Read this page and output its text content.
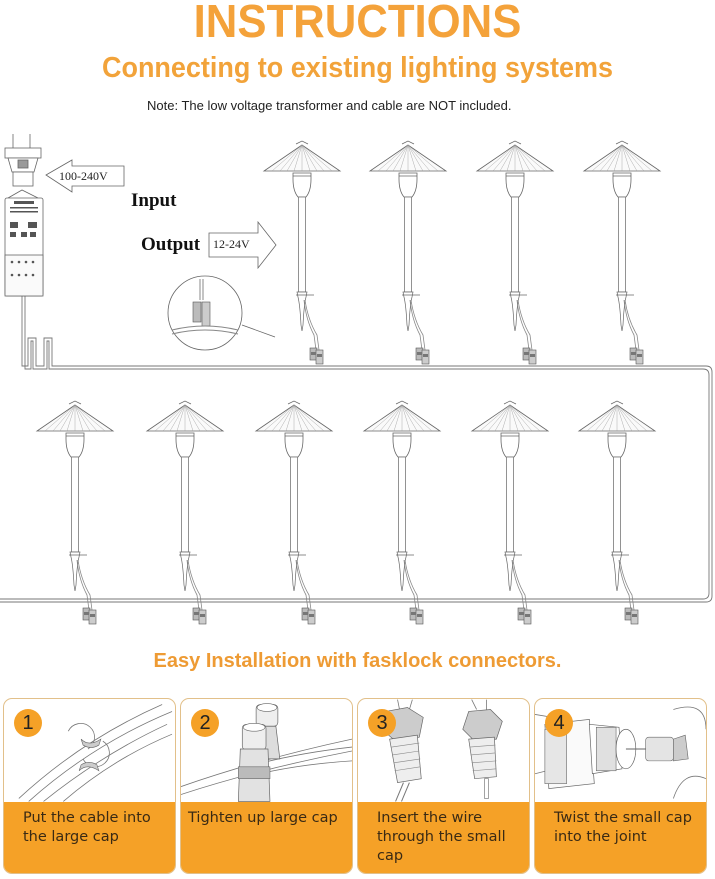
INSTRUCTIONS
Connecting to existing lighting systems
Note: The low voltage transformer and cable are NOT included.
Input
100-240V
Output 12-24V
Easy Installation with fasklock connectors.
1
Put the cable into the large cap
2
Tighten up large cap
3
Insert the wire through the small cap
4
Twist the small cap into the joint
